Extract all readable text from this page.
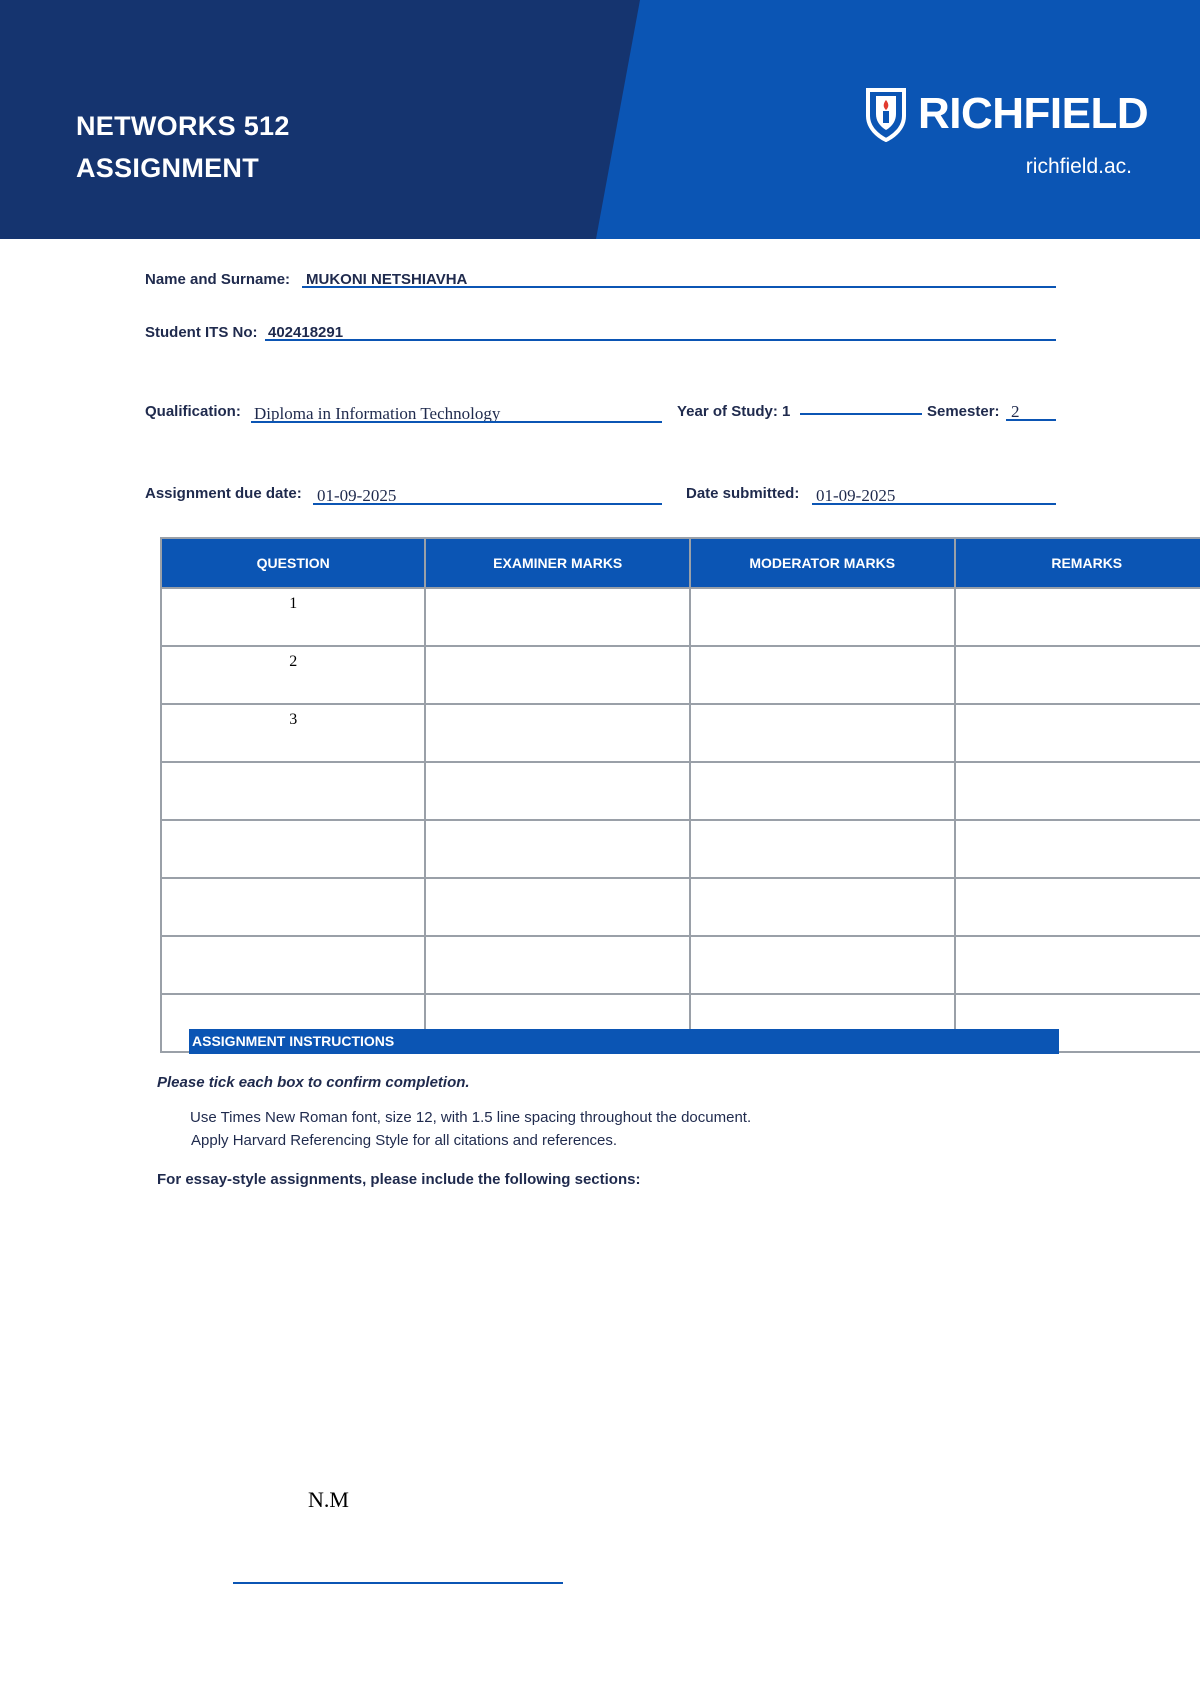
NETWORKS 512
ASSIGNMENT
RICHFIELD
richfield.ac.
Name and Surname: MUKONI NETSHIAVHA
Student ITS No: 402418291
Qualification: Diploma in Information Technology	Year of Study: 1	Semester: 2
Assignment due date: 01-09-2025	Date submitted: 01-09-2025
QUESTION	EXAMINER MARKS	MODERATOR MARKS	REMARKS
1			
2			
3			

ASSIGNMENT INSTRUCTIONS
Please tick each box to confirm completion.
Use Times New Roman font, size 12, with 1.5 line spacing throughout the document.
Apply Harvard Referencing Style for all citations and references.
For essay-style assignments, please include the following sections:
N.M
